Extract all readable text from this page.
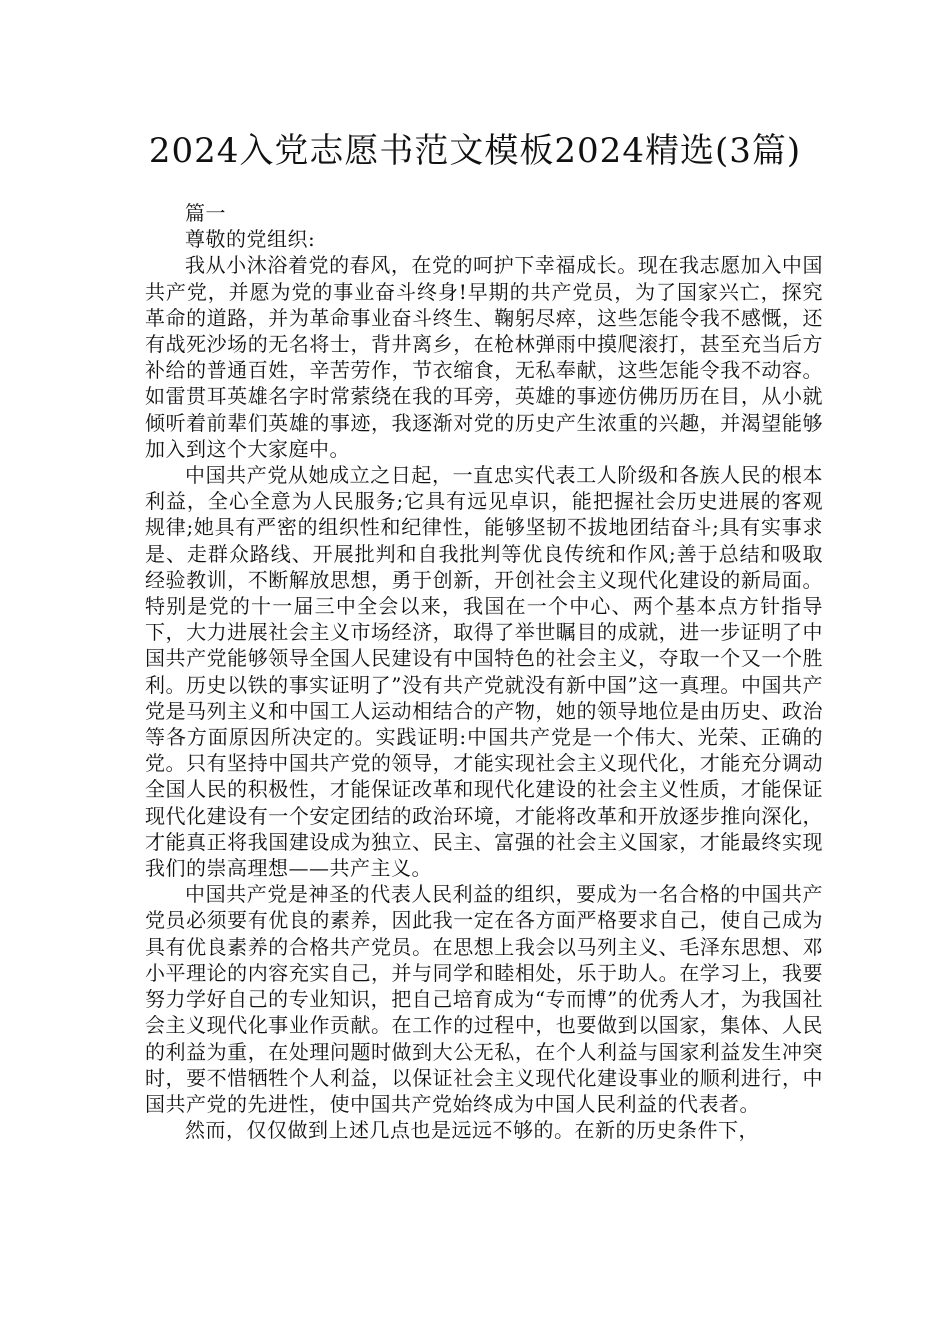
2024入党志愿书范文模板2024精选(3篇)

篇一

尊敬的党组织:

我从小沐浴着党的春风，在党的呵护下幸福成长。现在我志愿加入中国共产党，并愿为党的事业奋斗终身!早期的共产党员，为了国家兴亡，探究革命的道路，并为革命事业奋斗终生、鞠躬尽瘁，这些怎能令我不感慨，还有战死沙场的无名将士，背井离乡，在枪林弹雨中摸爬滚打，甚至充当后方补给的普通百姓，辛苦劳作，节衣缩食，无私奉献，这些怎能令我不动容。如雷贯耳英雄名字时常萦绕在我的耳旁，英雄的事迹仿佛历历在目，从小就倾听着前辈们英雄的事迹，我逐渐对党的历史产生浓重的兴趣，并渴望能够加入到这个大家庭中。

中国共产党从她成立之日起，一直忠实代表工人阶级和各族人民的根本利益，全心全意为人民服务;它具有远见卓识，能把握社会历史进展的客观规律;她具有严密的组织性和纪律性，能够坚韧不拔地团结奋斗;具有实事求是、走群众路线、开展批判和自我批判等优良传统和作风;善于总结和吸取经验教训，不断解放思想，勇于创新，开创社会主义现代化建设的新局面。特别是党的十一届三中全会以来，我国在一个中心、两个基本点方针指导下，大力进展社会主义市场经济，取得了举世瞩目的成就，进一步证明了中国共产党能够领导全国人民建设有中国特色的社会主义，夺取一个又一个胜利。历史以铁的事实证明了”没有共产党就没有新中国”这一真理。中国共产党是马列主义和中国工人运动相结合的产物，她的领导地位是由历史、政治等各方面原因所决定的。实践证明:中国共产党是一个伟大、光荣、正确的党。只有坚持中国共产党的领导，才能实现社会主义现代化，才能充分调动全国人民的积极性，才能保证改革和现代化建设的社会主义性质，才能保证现代化建设有一个安定团结的政治环境，才能将改革和开放逐步推向深化，才能真正将我国建设成为独立、民主、富强的社会主义国家，才能最终实现我们的崇高理想——共产主义。

中国共产党是神圣的代表人民利益的组织，要成为一名合格的中国共产党员必须要有优良的素养，因此我一定在各方面严格要求自己，使自己成为具有优良素养的合格共产党员。在思想上我会以马列主义、毛泽东思想、邓小平理论的内容充实自己，并与同学和睦相处，乐于助人。在学习上，我要努力学好自己的专业知识，把自己培育成为“专而博”的优秀人才，为我国社会主义现代化事业作贡献。在工作的过程中，也要做到以国家，集体、人民的利益为重，在处理问题时做到大公无私，在个人利益与国家利益发生冲突时，要不惜牺牲个人利益，以保证社会主义现代化建设事业的顺利进行，中国共产党的先进性，使中国共产党始终成为中国人民利益的代表者。

然而，仅仅做到上述几点也是远远不够的。在新的历史条件下，
